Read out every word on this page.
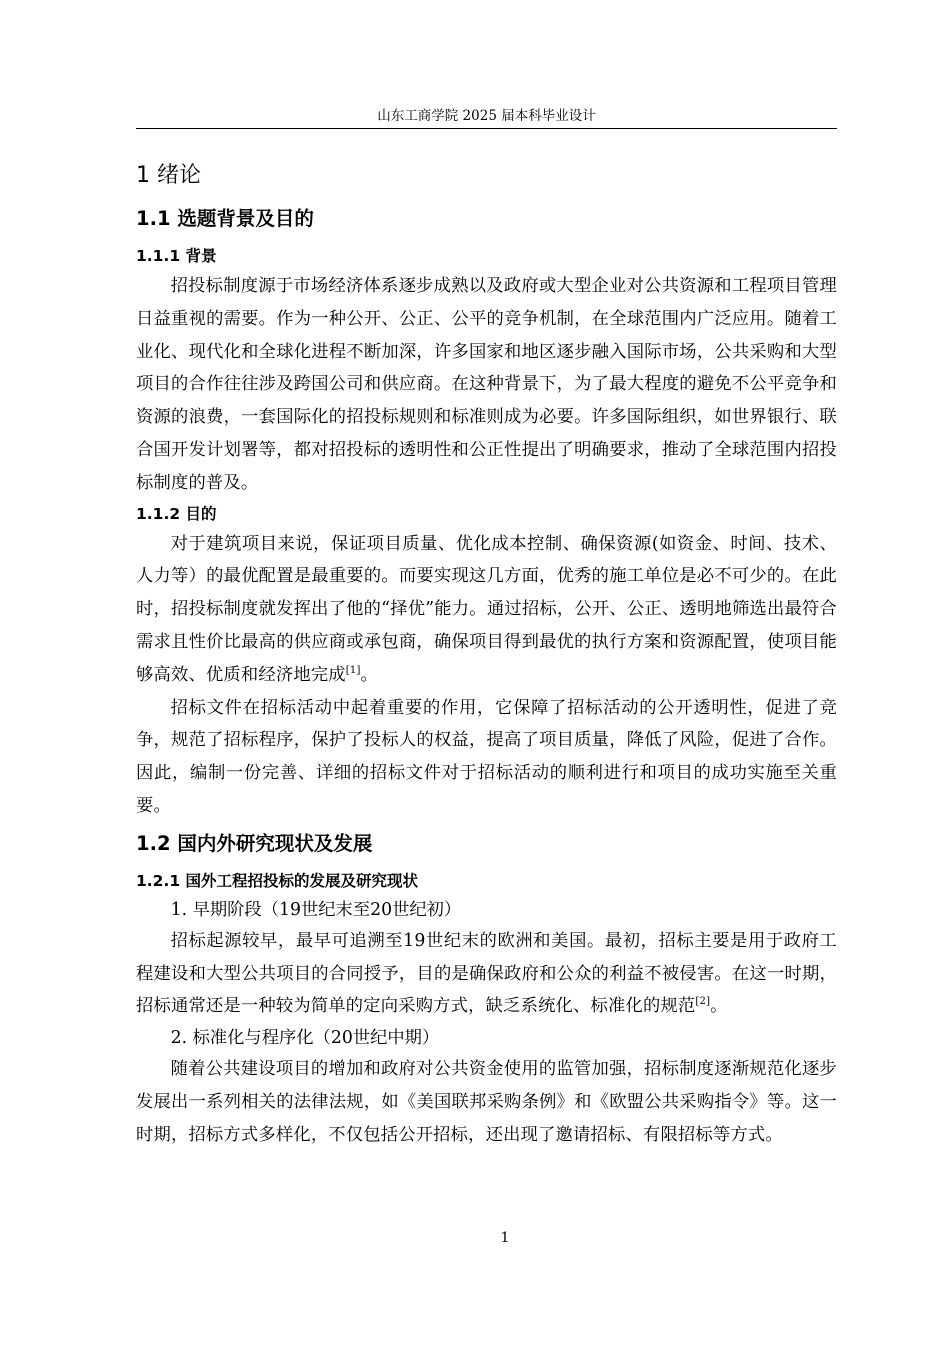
山东工商学院 2025 届本科毕业设计
1 绪论
1.1 选题背景及目的
1.1.1 背景

招投标制度源于市场经济体系逐步成熟以及政府或大型企业对公共资源和工程项目管理日益重视的需要。作为一种公开、公正、公平的竞争机制，在全球范围内广泛应用。随着工业化、现代化和全球化进程不断加深，许多国家和地区逐步融入国际市场，公共采购和大型项目的合作往往涉及跨国公司和供应商。在这种背景下，为了最大程度的避免不公平竞争和资源的浪费，一套国际化的招投标规则和标准则成为必要。许多国际组织，如世界银行、联合国开发计划署等，都对招投标的透明性和公正性提出了明确要求，推动了全球范围内招投标制度的普及。

1.1.2 目的

对于建筑项目来说，保证项目质量、优化成本控制、确保资源(如资金、时间、技术、人力等）的最优配置是最重要的。而要实现这几方面，优秀的施工单位是必不可少的。在此时，招投标制度就发挥出了他的“择优”能力。通过招标，公开、公正、透明地筛选出最符合需求且性价比最高的供应商或承包商，确保项目得到最优的执行方案和资源配置，使项目能够高效、优质和经济地完成[1]。

招标文件在招标活动中起着重要的作用，它保障了招标活动的公开透明性，促进了竞争，规范了招标程序，保护了投标人的权益，提高了项目质量，降低了风险，促进了合作。因此，编制一份完善、详细的招标文件对于招标活动的顺利进行和项目的成功实施至关重要。

1.2 国内外研究现状及发展
1.2.1 国外工程招投标的发展及研究现状

1. 早期阶段（19世纪末至20世纪初）

招标起源较早，最早可追溯至19世纪末的欧洲和美国。最初，招标主要是用于政府工程建设和大型公共项目的合同授予，目的是确保政府和公众的利益不被侵害。在这一时期，招标通常还是一种较为简单的定向采购方式，缺乏系统化、标准化的规范[2]。

2. 标准化与程序化（20世纪中期）

随着公共建设项目的增加和政府对公共资金使用的监管加强，招标制度逐渐规范化逐步发展出一系列相关的法律法规，如《美国联邦采购条例》和《欧盟公共采购指令》等。这一时期，招标方式多样化，不仅包括公开招标，还出现了邀请招标、有限招标等方式。

1
